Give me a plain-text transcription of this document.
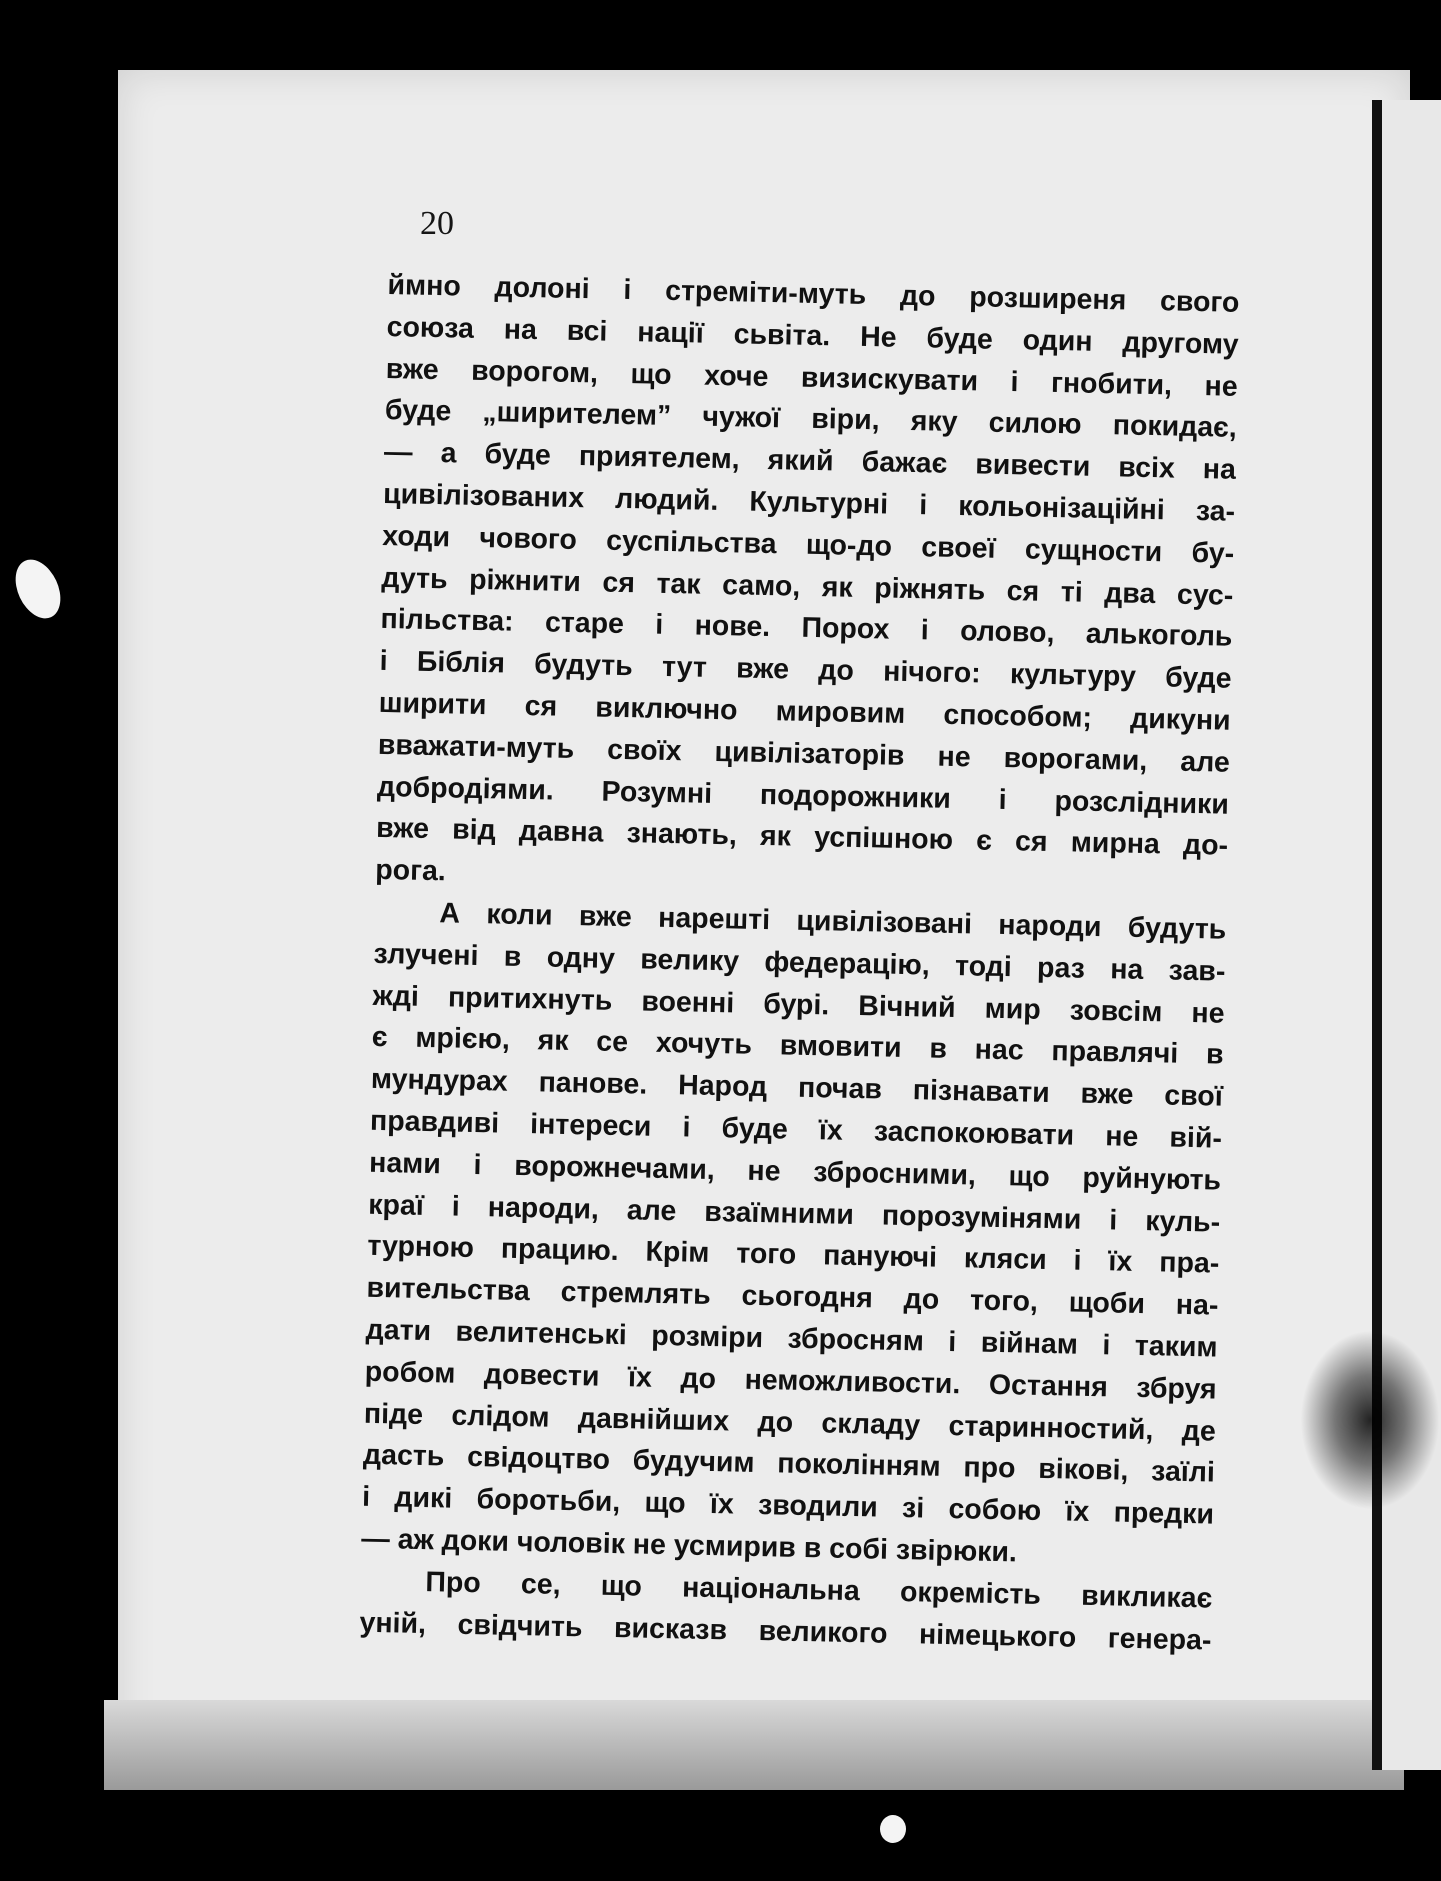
20
ймно долоні і стреміти-муть до розширеня свого
союза на всі нації сьвіта. Не буде один другому
вже ворогом, що хоче визискувати і гнобити, не
буде „ширителем” чужої віри, яку силою покидає,
— а буде приятелем, який бажає вивести всіх на
цивілізованих людий. Культурні і кольонізаційні за-
ходи чового суспільства що-до своеї сущности бу-
дуть ріжнити ся так само, як ріжнять ся ті два сус-
пільства: старе і нове. Порох і олово, алькоголь
і Біблія будуть тут вже до нічого: культуру буде
ширити ся виключно мировим способом; дикуни
вважати-муть своїх цивілізаторів не ворогами, але
добродіями. Розумні подорожники і розслідники
вже від давна знають, як успішною є ся мирна до-
рога.
А коли вже нарешті цивілізовані народи будуть
злучені в одну велику федерацію, тоді раз на зав-
жді притихнуть военні бурі. Вічний мир зовсім не
є мрією, як се хочуть вмовити в нас правлячі в
мундурах панове. Народ почав пізнавати вже свої
правдиві інтереси і буде їх заспокоювати не вій-
нами і ворожнечами, не збросними, що руйнують
краї і народи, але взаїмними порозумінями і куль-
турною працию. Крім того пануючі кляси і їх пра-
вительства стремлять сьогодня до того, щоби на-
дати велитенські розміри збросням і війнам і таким
робом довести їх до неможливости. Остання збруя
піде слідом давнійших до складу старинностий, де
дасть свідоцтво будучим поколінням про вікові, заїлі
і дикі боротьби, що їх зводили зі собою їх предки
— аж доки чоловік не усмирив в собі звірюки.
Про се, що національна окремість викликає
уній, свідчить висказв великого німецького генера-
